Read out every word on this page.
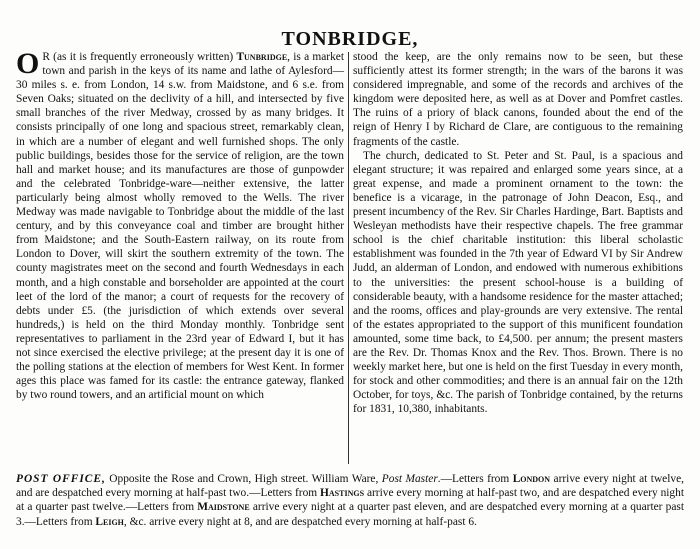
TONBRIDGE,

O R (as it is frequently erroneously written) Tunbridge, is a market town and parish in the keys of its name and lathe of Aylesford—30 miles s. e. from London, 14 s.w. from Maidstone, and 6 s.e. from Seven Oaks; situated on the declivity of a hill, and intersected by five small branches of the river Medway, crossed by as many bridges. It consists principally of one long and spacious street, remarkably clean, in which are a number of elegant and well furnished shops. The only public buildings, besides those for the service of religion, are the town hall and market house; and its manufactures are those of gunpowder and the celebrated Tonbridge-ware—neither extensive, the latter particularly being almost wholly removed to the Wells. The river Medway was made navigable to Tonbridge about the middle of the last century, and by this conveyance coal and timber are brought hither from Maidstone; and the South-Eastern railway, on its route from London to Dover, will skirt the southern extremity of the town. The county magistrates meet on the second and fourth Wednesdays in each month, and a high constable and borseholder are appointed at the court leet of the lord of the manor; a court of requests for the recovery of debts under £5. (the jurisdiction of which extends over several hundreds,) is held on the third Monday monthly. Tonbridge sent representatives to parliament in the 23rd year of Edward I, but it has not since exercised the elective privilege; at the present day it is one of the polling stations at the election of members for West Kent. In former ages this place was famed for its castle: the entrance gateway, flanked by two round towers, and an artificial mount on which

stood the keep, are the only remains now to be seen, but these sufficiently attest its former strength; in the wars of the barons it was considered impregnable, and some of the records and archives of the kingdom were deposited here, as well as at Dover and Pomfret castles. The ruins of a priory of black canons, founded about the end of the reign of Henry I by Richard de Clare, are contiguous to the remaining fragments of the castle.

The church, dedicated to St. Peter and St. Paul, is a spacious and elegant structure; it was repaired and enlarged some years since, at a great expense, and made a prominent ornament to the town: the benefice is a vicarage, in the patronage of John Deacon, Esq., and present incumbency of the Rev. Sir Charles Hardinge, Bart. Baptists and Wesleyan methodists have their respective chapels. The free grammar school is the chief charitable institution: this liberal scholastic establishment was founded in the 7th year of Edward VI by Sir Andrew Judd, an alderman of London, and endowed with numerous exhibitions to the universities: the present school-house is a building of considerable beauty, with a handsome residence for the master attached; and the rooms, offices and play-grounds are very extensive. The rental of the estates appropriated to the support of this munificent foundation amounted, some time back, to £4,500. per annum; the present masters are the Rev. Dr. Thomas Knox and the Rev. Thos. Brown. There is no weekly market here, but one is held on the first Tuesday in every month, for stock and other commodities; and there is an annual fair on the 12th October, for toys, &c. The parish of Tonbridge contained, by the returns for 1831, 10,380, inhabitants.

POST OFFICE, Opposite the Rose and Crown, High street. William Ware, Post Master.—Letters from London arrive every night at twelve, and are despatched every morning at half-past two.—Letters from Hastings arrive every morning at half-past two, and are despatched every night at a quarter past twelve.—Letters from Maidstone arrive every night at a quarter past eleven, and are despatched every morning at a quarter past 3.—Letters from Leigh, &c. arrive every night at 8, and are despatched every morning at half-past 6.
